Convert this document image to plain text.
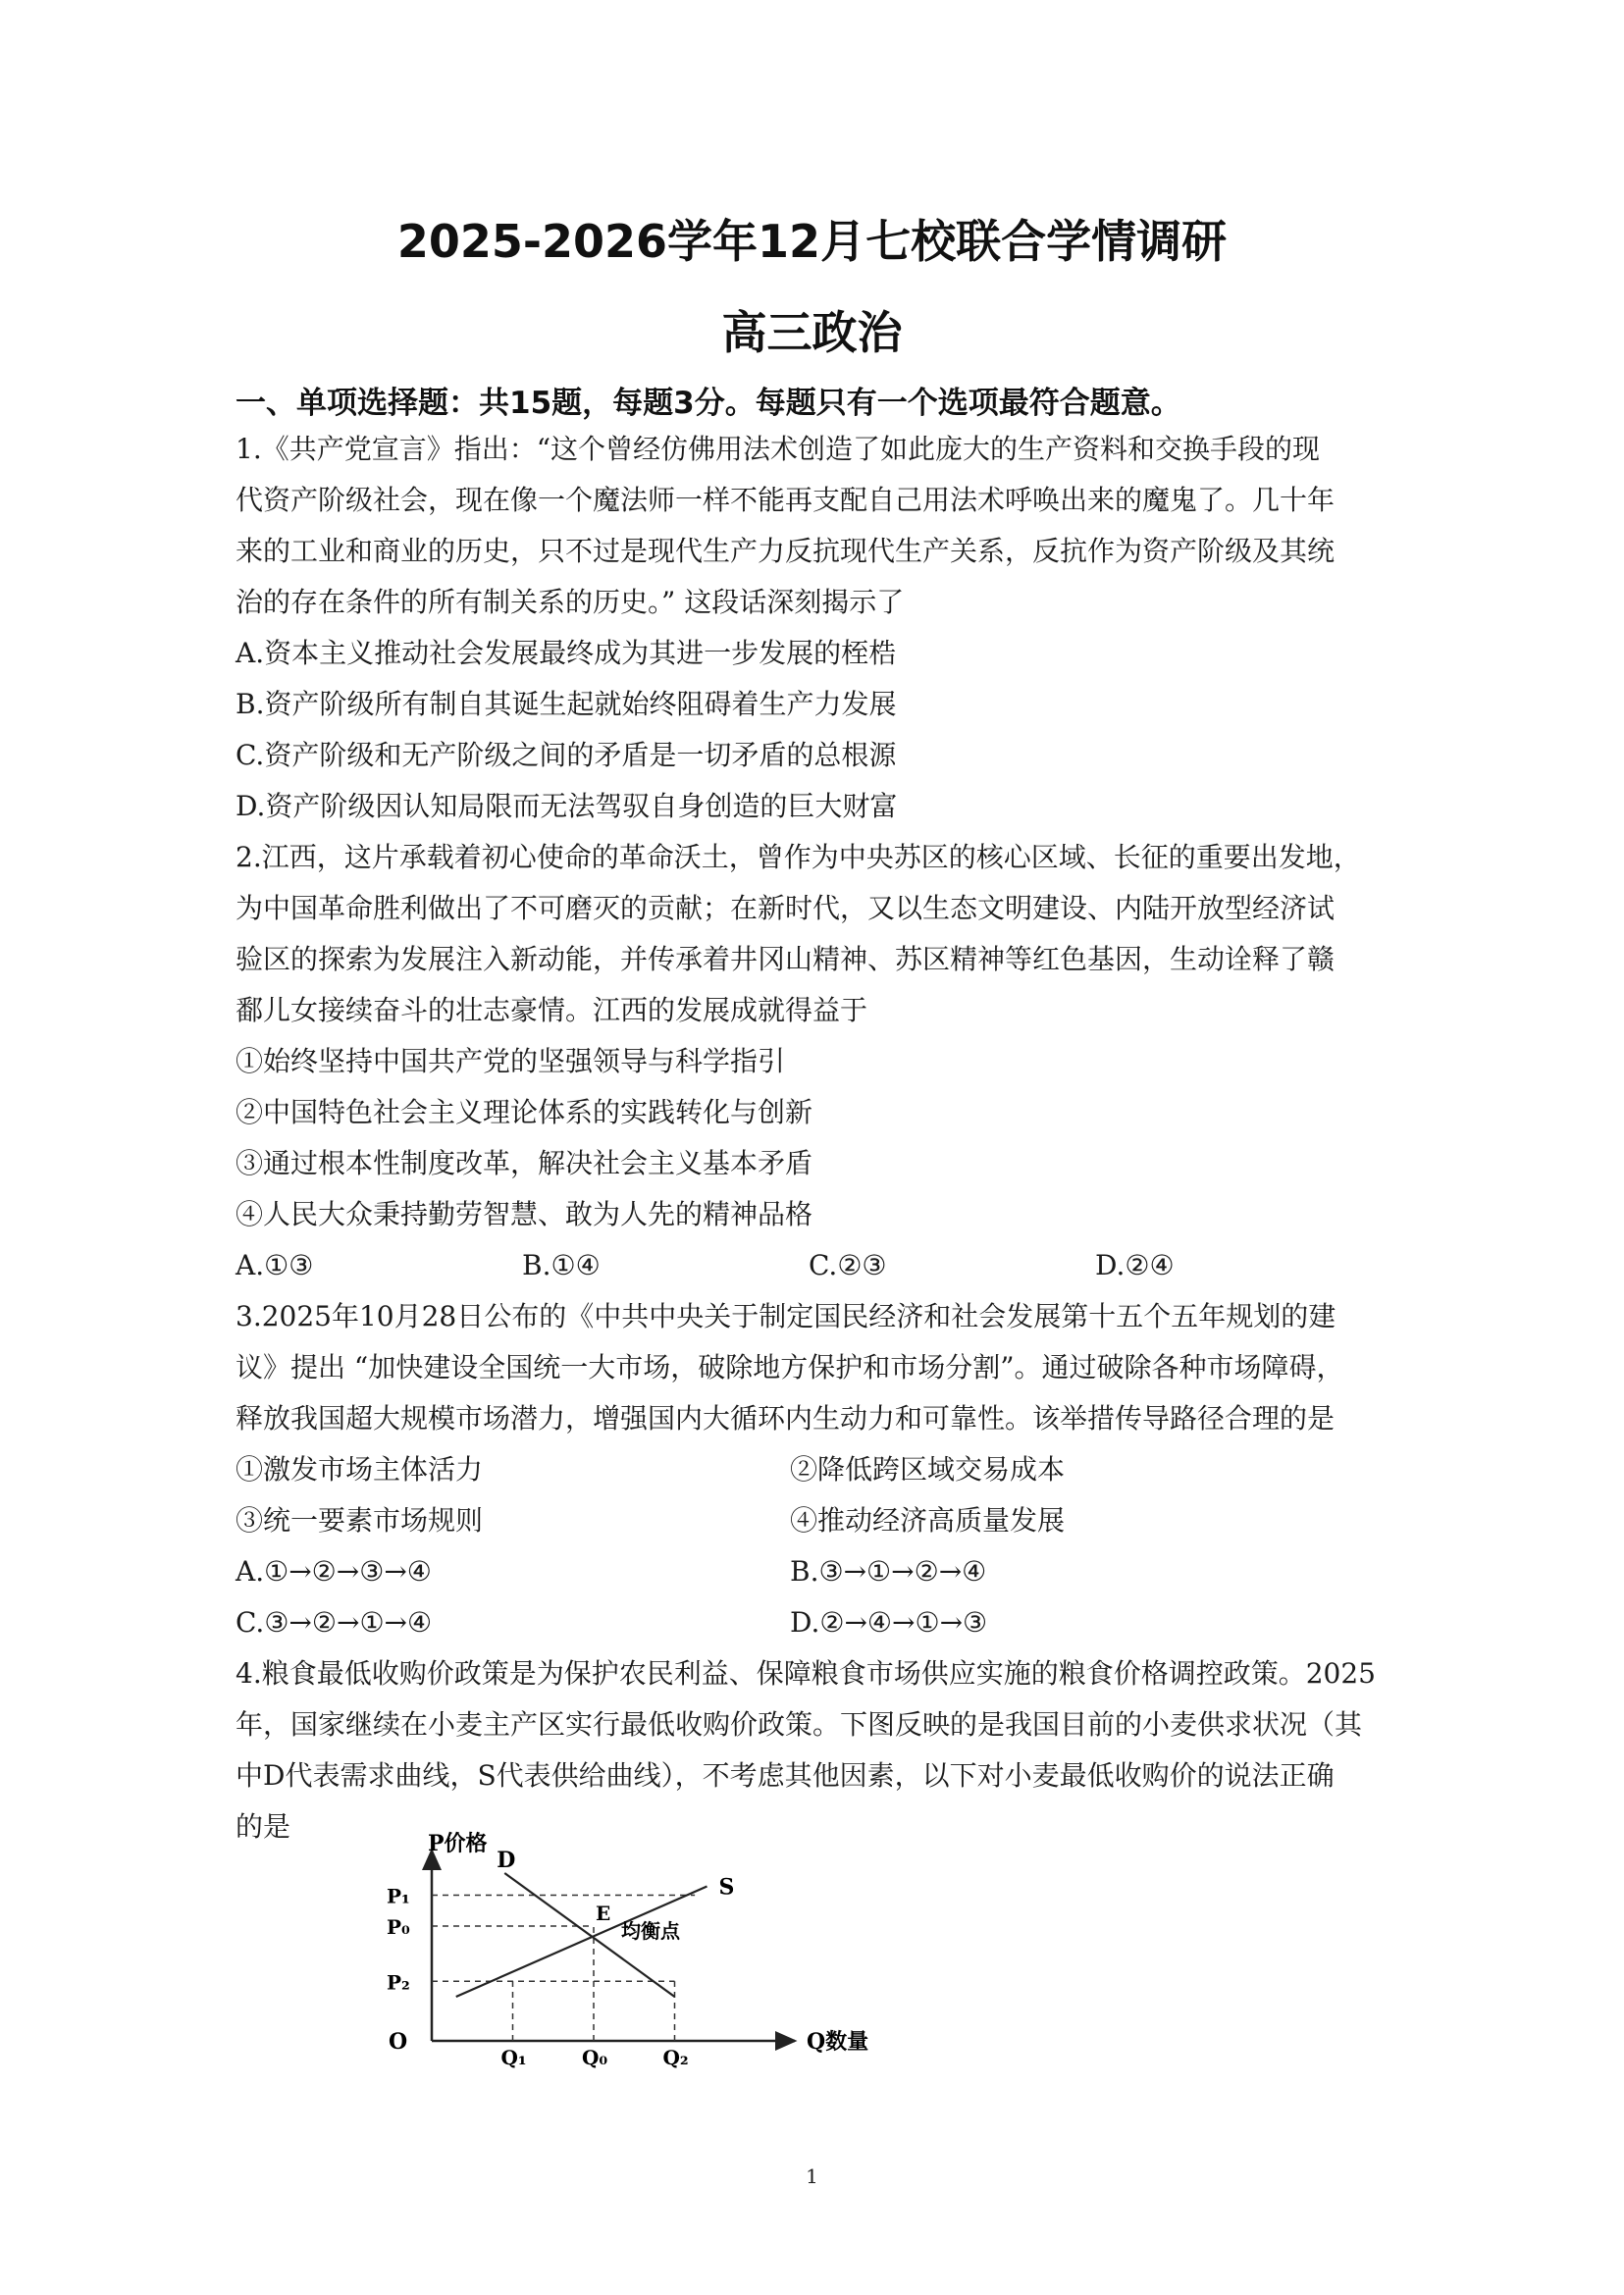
2025-2026学年12月七校联合学情调研
高三政治
一、单项选择题：共15题，每题3分。每题只有一个选项最符合题意。
1.《共产党宣言》指出：“这个曾经仿佛用法术创造了如此庞大的生产资料和交换手段的现
代资产阶级社会，现在像一个魔法师一样不能再支配自己用法术呼唤出来的魔鬼了。几十年
来的工业和商业的历史，只不过是现代生产力反抗现代生产关系，反抗作为资产阶级及其统
治的存在条件的所有制关系的历史。” 这段话深刻揭示了
A.资本主义推动社会发展最终成为其进一步发展的桎梏
B.资产阶级所有制自其诞生起就始终阻碍着生产力发展
C.资产阶级和无产阶级之间的矛盾是一切矛盾的总根源
D.资产阶级因认知局限而无法驾驭自身创造的巨大财富
2.江西，这片承载着初心使命的革命沃土，曾作为中央苏区的核心区域、长征的重要出发地，
为中国革命胜利做出了不可磨灭的贡献；在新时代，又以生态文明建设、内陆开放型经济试
验区的探索为发展注入新动能，并传承着井冈山精神、苏区精神等红色基因，生动诠释了赣
鄱儿女接续奋斗的壮志豪情。江西的发展成就得益于
①始终坚持中国共产党的坚强领导与科学指引
②中国特色社会主义理论体系的实践转化与创新
③通过根本性制度改革，解决社会主义基本矛盾
④人民大众秉持勤劳智慧、敢为人先的精神品格
A.①③	B.①④	C.②③	D.②④
3.2025年10月28日公布的《中共中央关于制定国民经济和社会发展第十五个五年规划的建
议》提出 “加快建设全国统一大市场，破除地方保护和市场分割”。通过破除各种市场障碍，
释放我国超大规模市场潜力，增强国内大循环内生动力和可靠性。该举措传导路径合理的是
①激发市场主体活力	②降低跨区域交易成本
③统一要素市场规则	④推动经济高质量发展
A.①→②→③→④	B.③→①→②→④
C.③→②→①→④	D.②→④→①→③
4.粮食最低收购价政策是为保护农民利益、保障粮食市场供应实施的粮食价格调控政策。2025
年，国家继续在小麦主产区实行最低收购价政策。下图反映的是我国目前的小麦供求状况（其
中D代表需求曲线，S代表供给曲线），不考虑其他因素，以下对小麦最低收购价的说法正确
的是
P价格
Q数量
O
P₁
P₀
P₂
Q₁	Q₀	Q₂
D
S
E
均衡点
1
